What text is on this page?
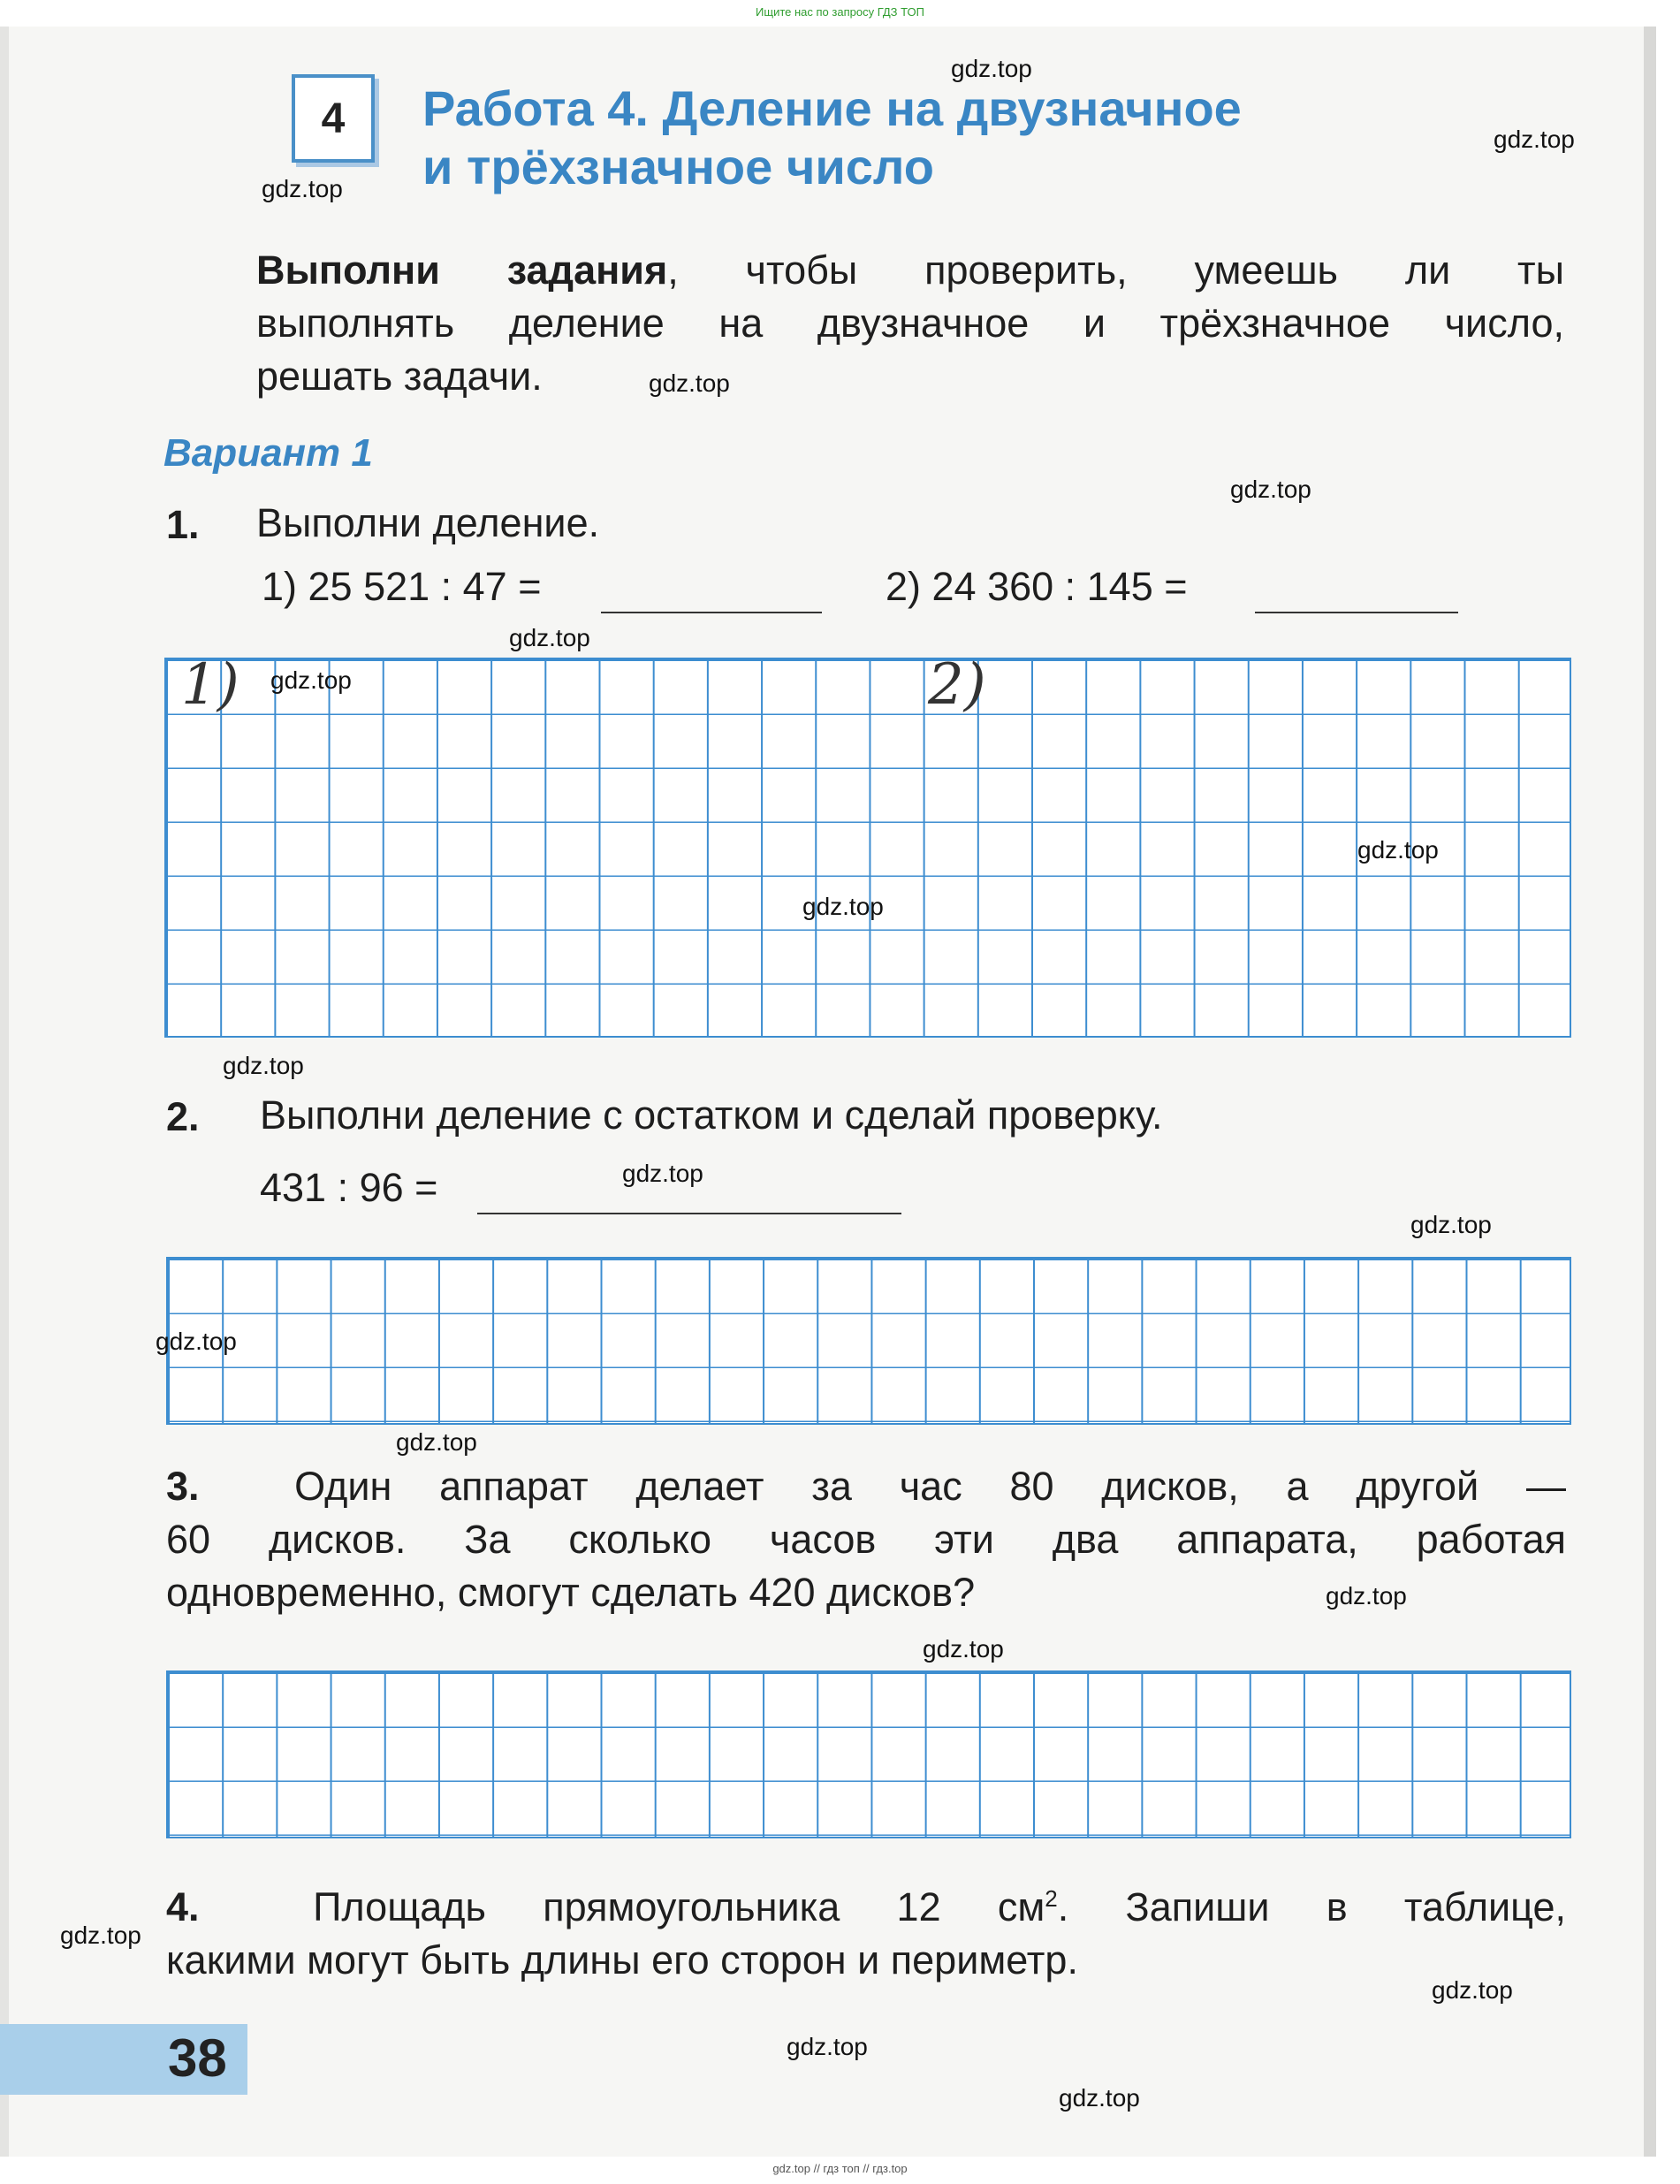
Ищите нас по запросу ГДЗ ТОП
4	Работа 4. Деление на двузначное
и трёхзначное число
Выполни задания, чтобы проверить, умеешь ли ты
выполнять деление на двузначное и трёхзначное число,
решать задачи.
Вариант 1
1. Выполни деление.
1) 25 521 : 47 =	2) 24 360 : 145 =
1)	2)
2. Выполни деление с остатком и сделай проверку.
431 : 96 =
3. Один аппарат делает за час 80 дисков, а другой —
60 дисков. За сколько часов эти два аппарата, работая
одновременно, смогут сделать 420 дисков?
4.	Площадь прямоугольника 12 $см^2$. Запиши в таблице,
какими могут быть длины его сторон и периметр.
38
gdz.top
gdz.top
gdz.top
gdz.top
gdz.top
gdz.top
gdz.top
gdz.top
gdz.top
gdz.top
gdz.top
gdz.top
gdz.top
gdz.top
gdz.top
gdz.top
gdz.top
gdz.top
gdz.top
gdz.top
gdz.top // гдз топ // гдз.top
